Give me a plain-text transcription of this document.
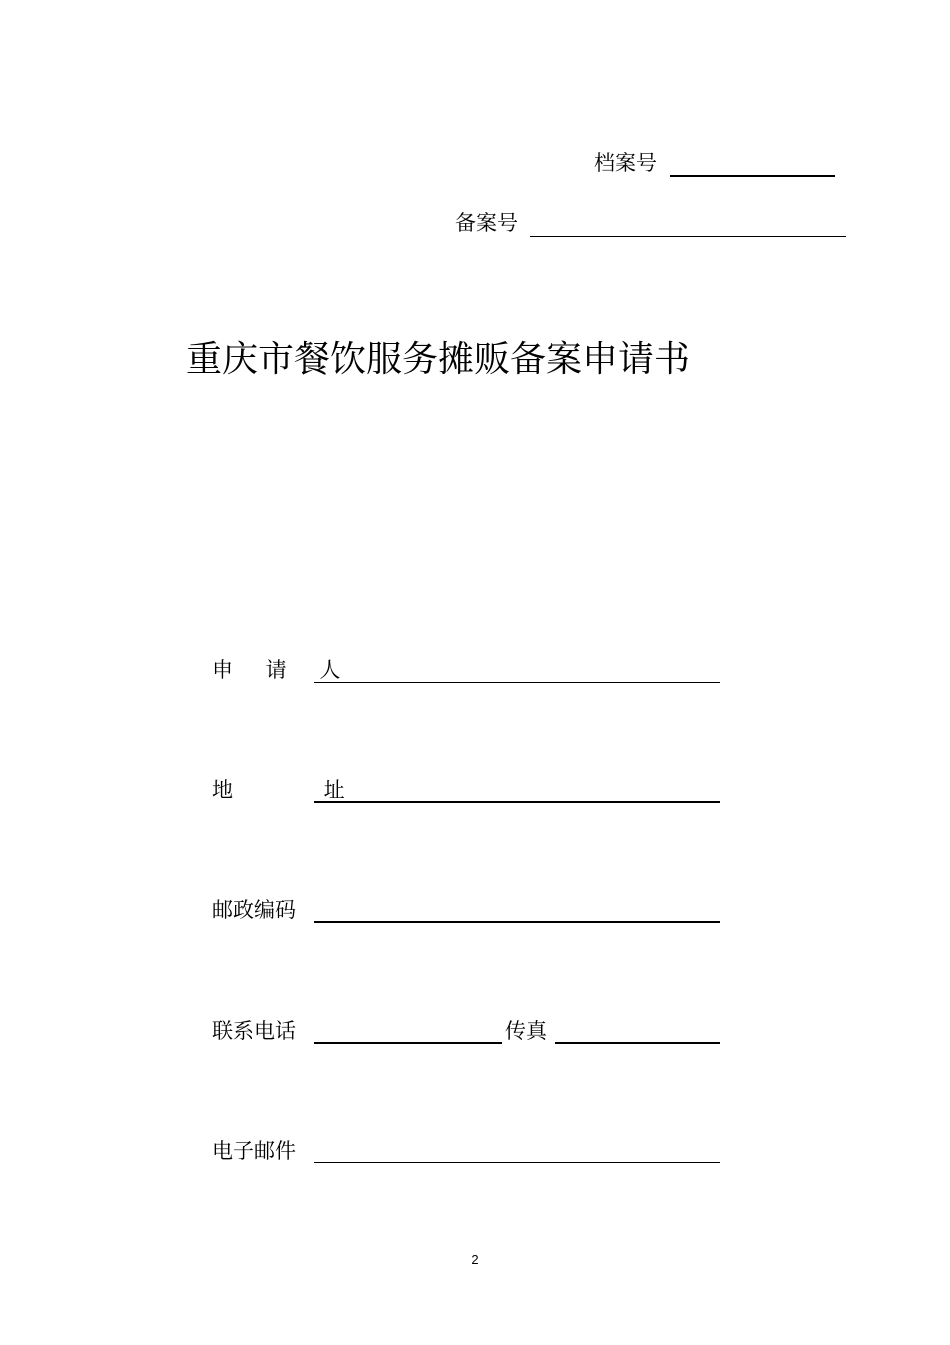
档案号
备案号
重庆市餐饮服务摊贩备案申请书
申 请 人
地 址
邮政编码
联系电话	传真
电子邮件
2
